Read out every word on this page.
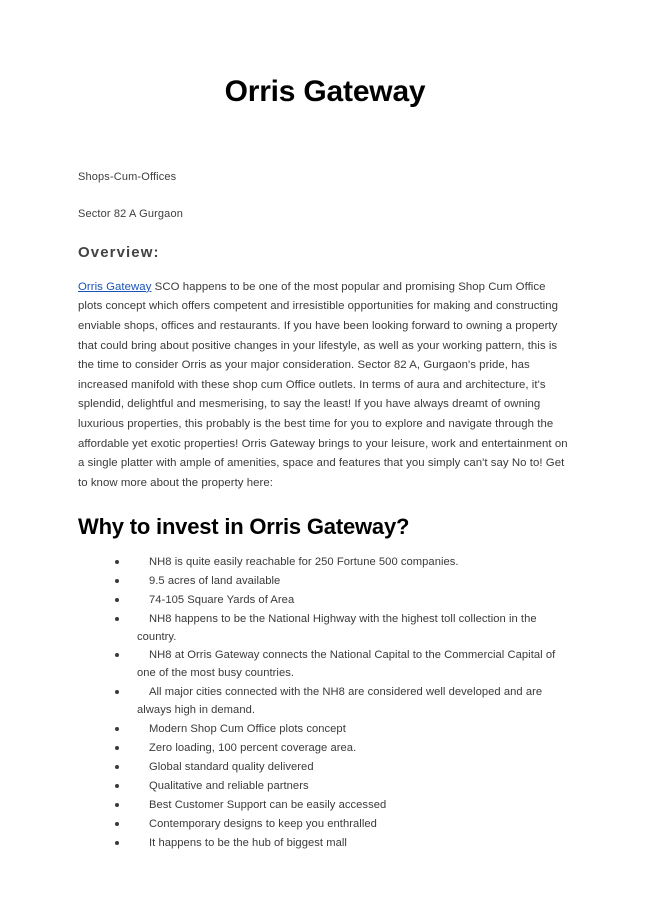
Orris Gateway

Shops-Cum-Offices

Sector 82 A Gurgaon

Overview:

Orris Gateway SCO happens to be one of the most popular and promising Shop Cum Office plots concept which offers competent and irresistible opportunities for making and constructing enviable shops, offices and restaurants. If you have been looking forward to owning a property that could bring about positive changes in your lifestyle, as well as your working pattern, this is the time to consider Orris as your major consideration. Sector 82 A, Gurgaon's pride, has increased manifold with these shop cum Office outlets. In terms of aura and architecture, it's splendid, delightful and mesmerising, to say the least! If you have always dreamt of owning luxurious properties, this probably is the best time for you to explore and navigate through the affordable yet exotic properties! Orris Gateway brings to your leisure, work and entertainment on a single platter with ample of amenities, space and features that you simply can't say No to! Get to know more about the property here:

Why to invest in Orris Gateway?
NH8 is quite easily reachable for 250 Fortune 500 companies.
9.5 acres of land available
74-105 Square Yards of Area
NH8 happens to be the National Highway with the highest toll collection in the country.
NH8 at Orris Gateway connects the National Capital to the Commercial Capital of one of the most busy countries.
All major cities connected with the NH8 are considered well developed and are always high in demand.
Modern Shop Cum Office plots concept
Zero loading, 100 percent coverage area.
Global standard quality delivered
Qualitative and reliable partners
Best Customer Support can be easily accessed
Contemporary designs to keep you enthralled
It happens to be the hub of biggest mall
